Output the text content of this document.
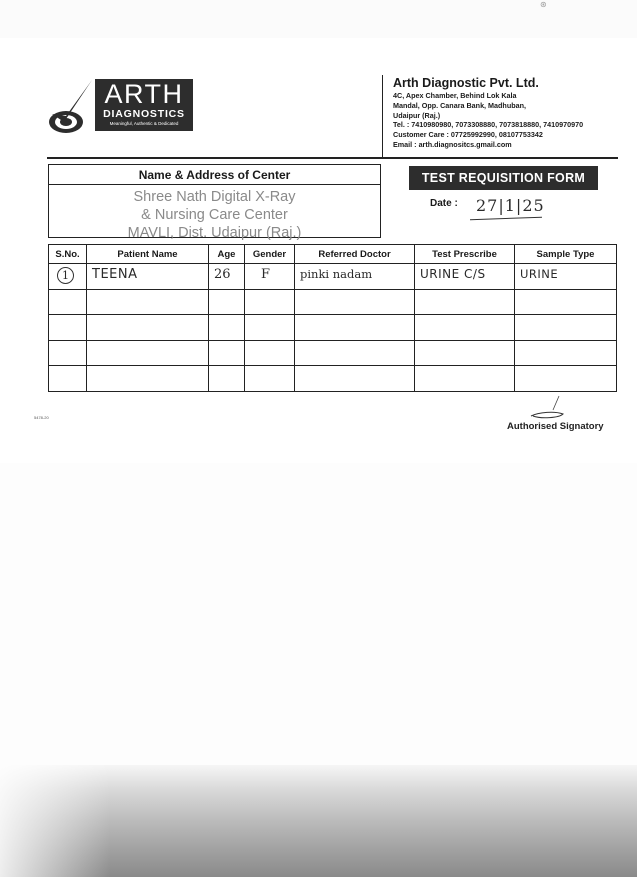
⊛
ARTH
DIAGNOSTICS
Meaningful, Authentic & Dedicated
Arth Diagnostic Pvt. Ltd.
4C, Apex Chamber, Behind Lok Kala
Mandal, Opp. Canara Bank, Madhuban,
Udaipur (Raj.)
Tel. : 7410980980, 7073308880, 7073818880, 7410970970
Customer Care : 07725992990, 08107753342
Email : arth.diagnositcs.gmail.com
Name & Address of Center
Shree Nath Digital X-Ray
& Nursing Care Center
MAVLI, Dist. Udaipur (Raj.)
TEST REQUISITION FORM
Date : 27|1|25
S.No.	Patient Name	Age	Gender	Referred Doctor	Test Prescribe	Sample Type
1	TEENA	26	F	pinki nadam	URINE C/S	URINE

5478-20
Authorised Signatory
